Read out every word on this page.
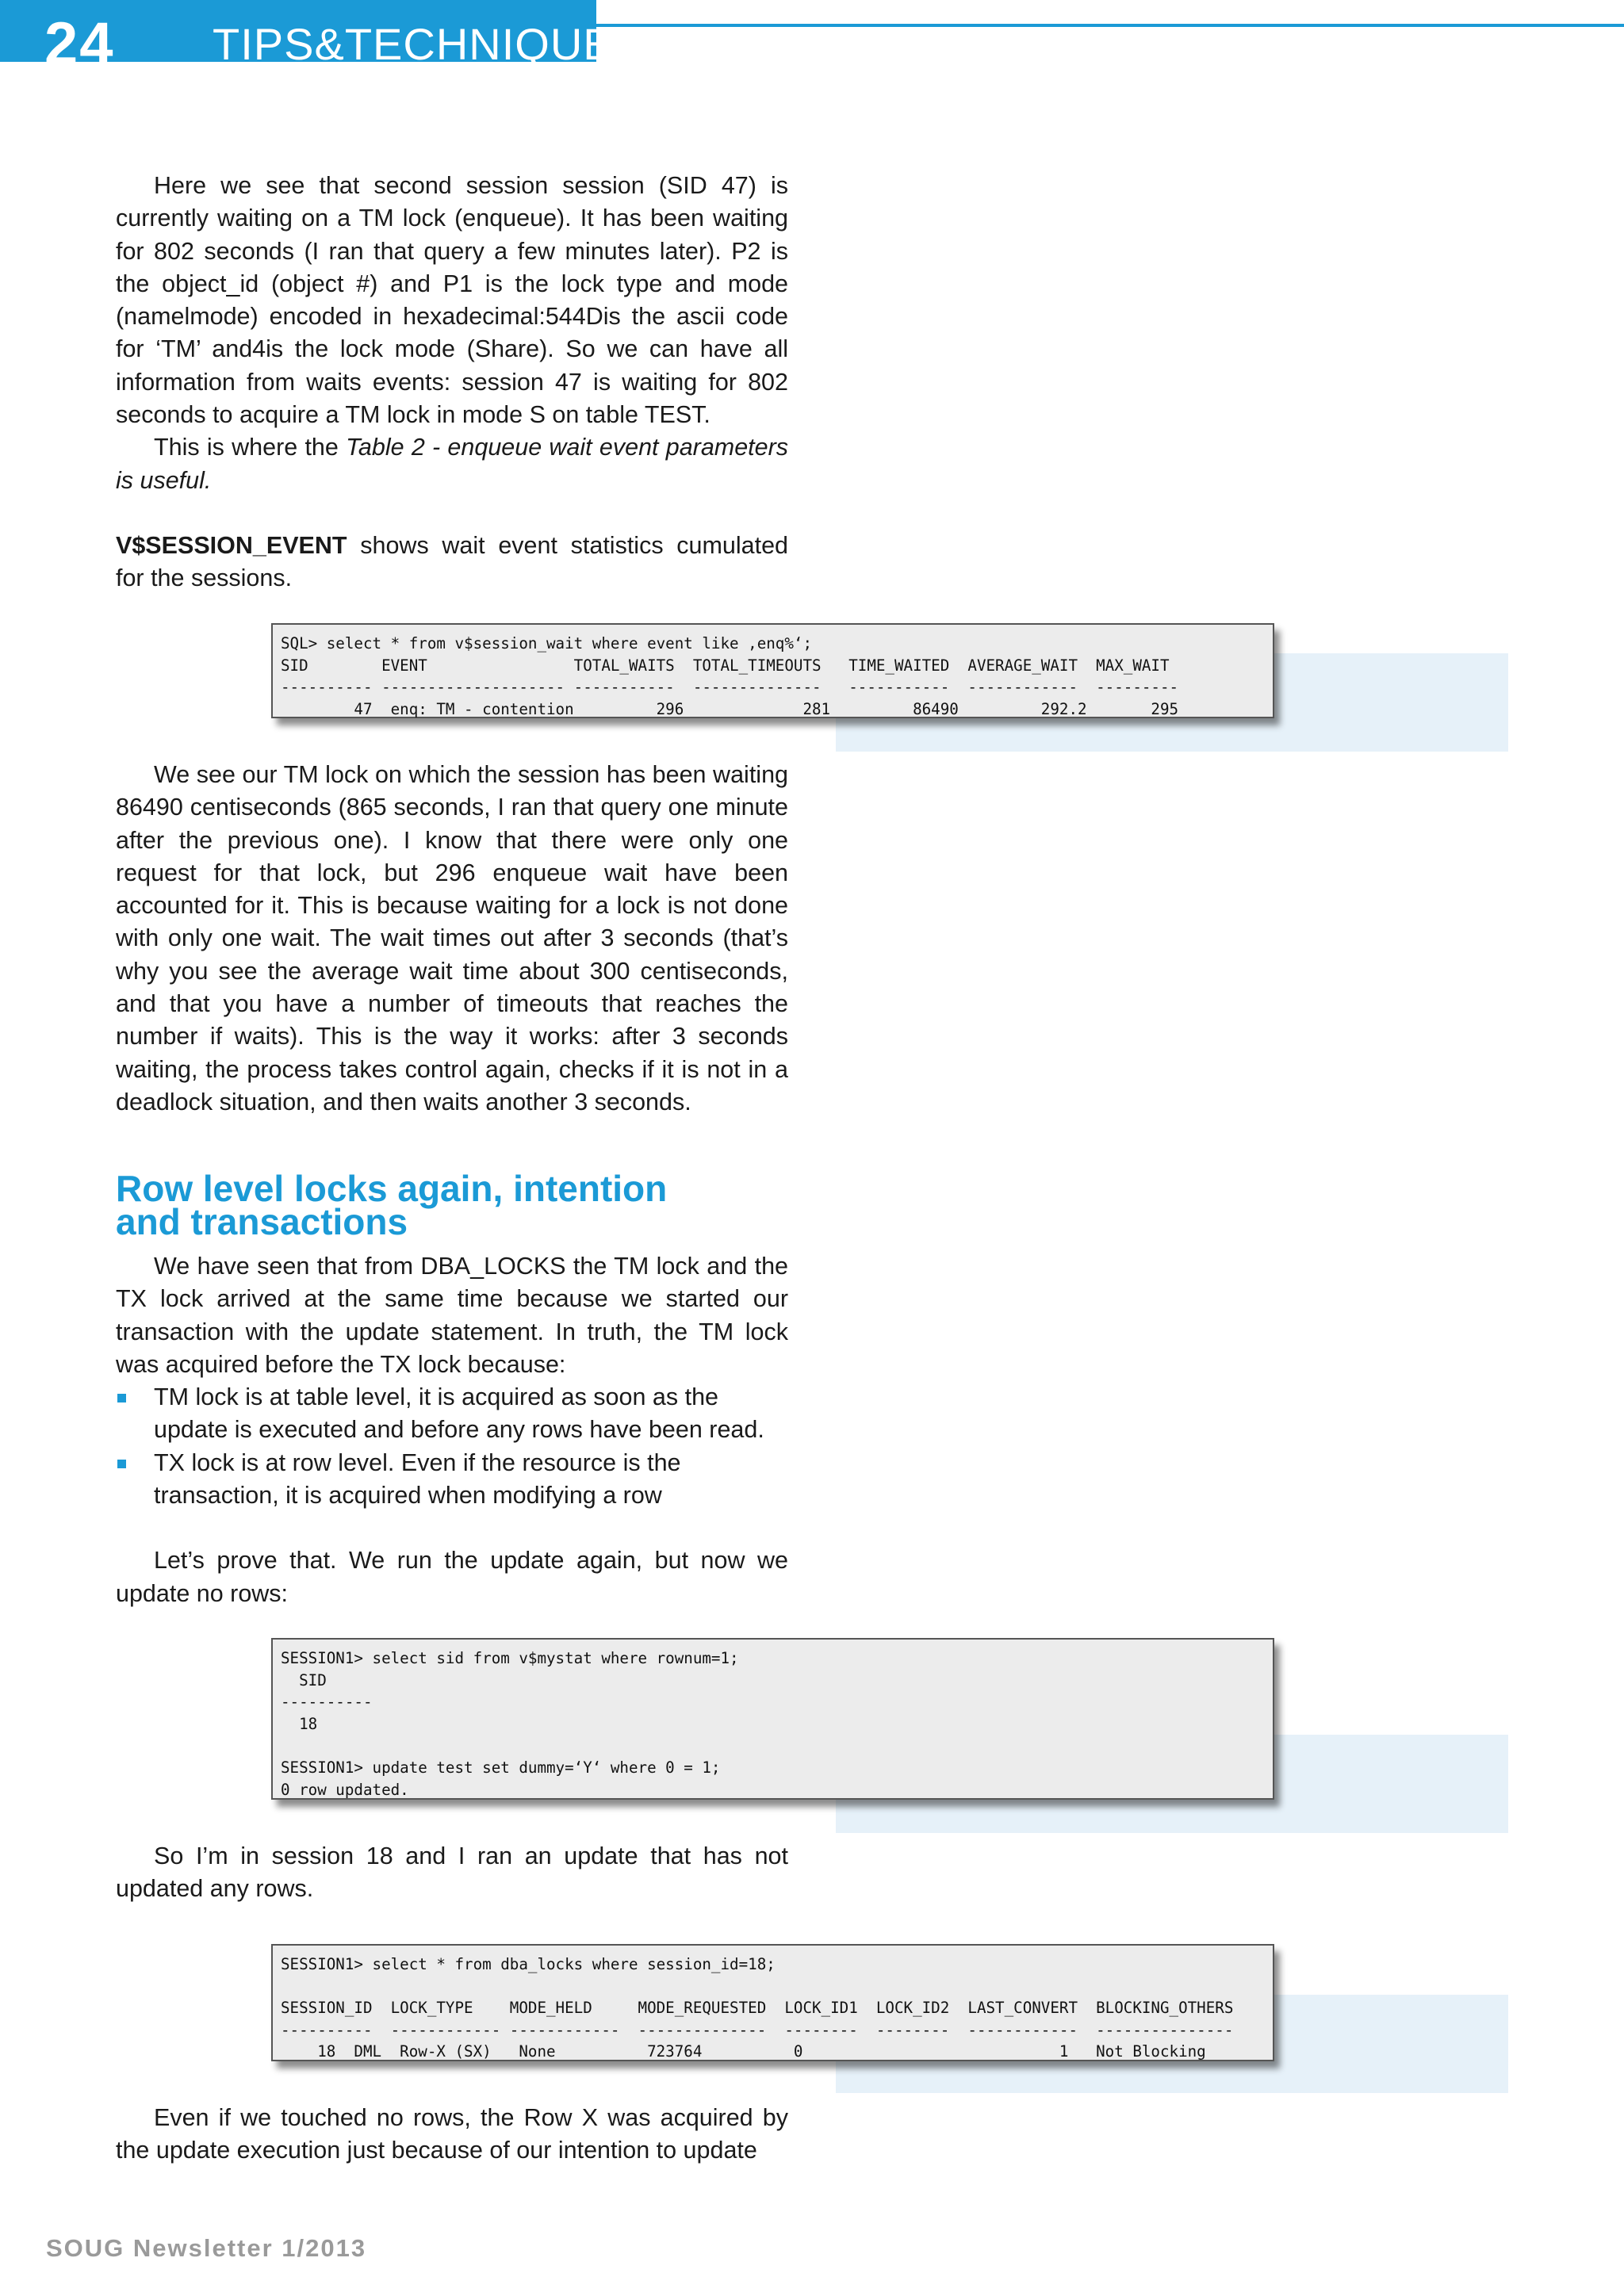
24 TIPS&TECHNIQUES

Here we see that second session session (SID 47) is currently waiting on a TM lock (enqueue). It has been waiting for 802 seconds (I ran that query a few minutes later). P2 is the object_id (object #) and P1 is the lock type and mode (namelmode) encoded in hexadecimal:544Dis the ascii code for ‘TM’ and4is the lock mode (Share). So we can have all information from waits events: session 47 is waiting for 802 seconds to acquire a TM lock in mode S on table TEST.

This is where the Table 2 - enqueue wait event parameters is useful.

V$SESSION_EVENT shows wait event statistics cumulated for the sessions.

SQL> select * from v$session_wait where event like ‚enq%‘;
SID        EVENT                TOTAL_WAITS  TOTAL_TIMEOUTS   TIME_WAITED  AVERAGE_WAIT  MAX_WAIT
---------- -------------------- -----------  --------------   -----------  ------------  ---------
47  enq: TM - contention         296             281         86490         292.2       295

We see our TM lock on which the session has been waiting 86490 centiseconds (865 seconds, I ran that query one minute after the previous one). I know that there were only one request for that lock, but 296 enqueue wait have been accounted for it. This is because waiting for a lock is not done with only one wait. The wait times out after 3 seconds (that’s why you see the average wait time about 300 centiseconds, and that you have a number of timeouts that reaches the number if waits). This is the way it works: after 3 seconds waiting, the process takes control again, checks if it is not in a deadlock situation, and then waits another 3 seconds.

Row level locks again, intention
and transactions

We have seen that from DBA_LOCKS the TM lock and the TX lock arrived at the same time because we started our transaction with the update statement. In truth, the TM lock was acquired before the TX lock because:

TM lock is at table level, it is acquired as soon as the update is executed and before any rows have been read.
TX lock is at row level. Even if the resource is the transaction, it is acquired when modifying a row

Let’s prove that. We run the update again, but now we update no rows:

SESSION1> select sid from v$mystat where rownum=1;
SID
----------
18

SESSION1> update test set dummy=‘Y‘ where 0 = 1;
0 row updated.

So I’m in session 18 and I ran an update that has not updated any rows.

SESSION1> select * from dba_locks where session_id=18;

SESSION_ID  LOCK_TYPE    MODE_HELD     MODE_REQUESTED  LOCK_ID1  LOCK_ID2  LAST_CONVERT  BLOCKING_OTHERS
----------  ------------ ------------  --------------  --------  --------  ------------  ---------------
18  DML  Row-X (SX)   None          723764          0                            1   Not Blocking

Even if we touched no rows, the Row X was acquired by the update execution just because of our intention to update

SOUG Newsletter 1/2013
